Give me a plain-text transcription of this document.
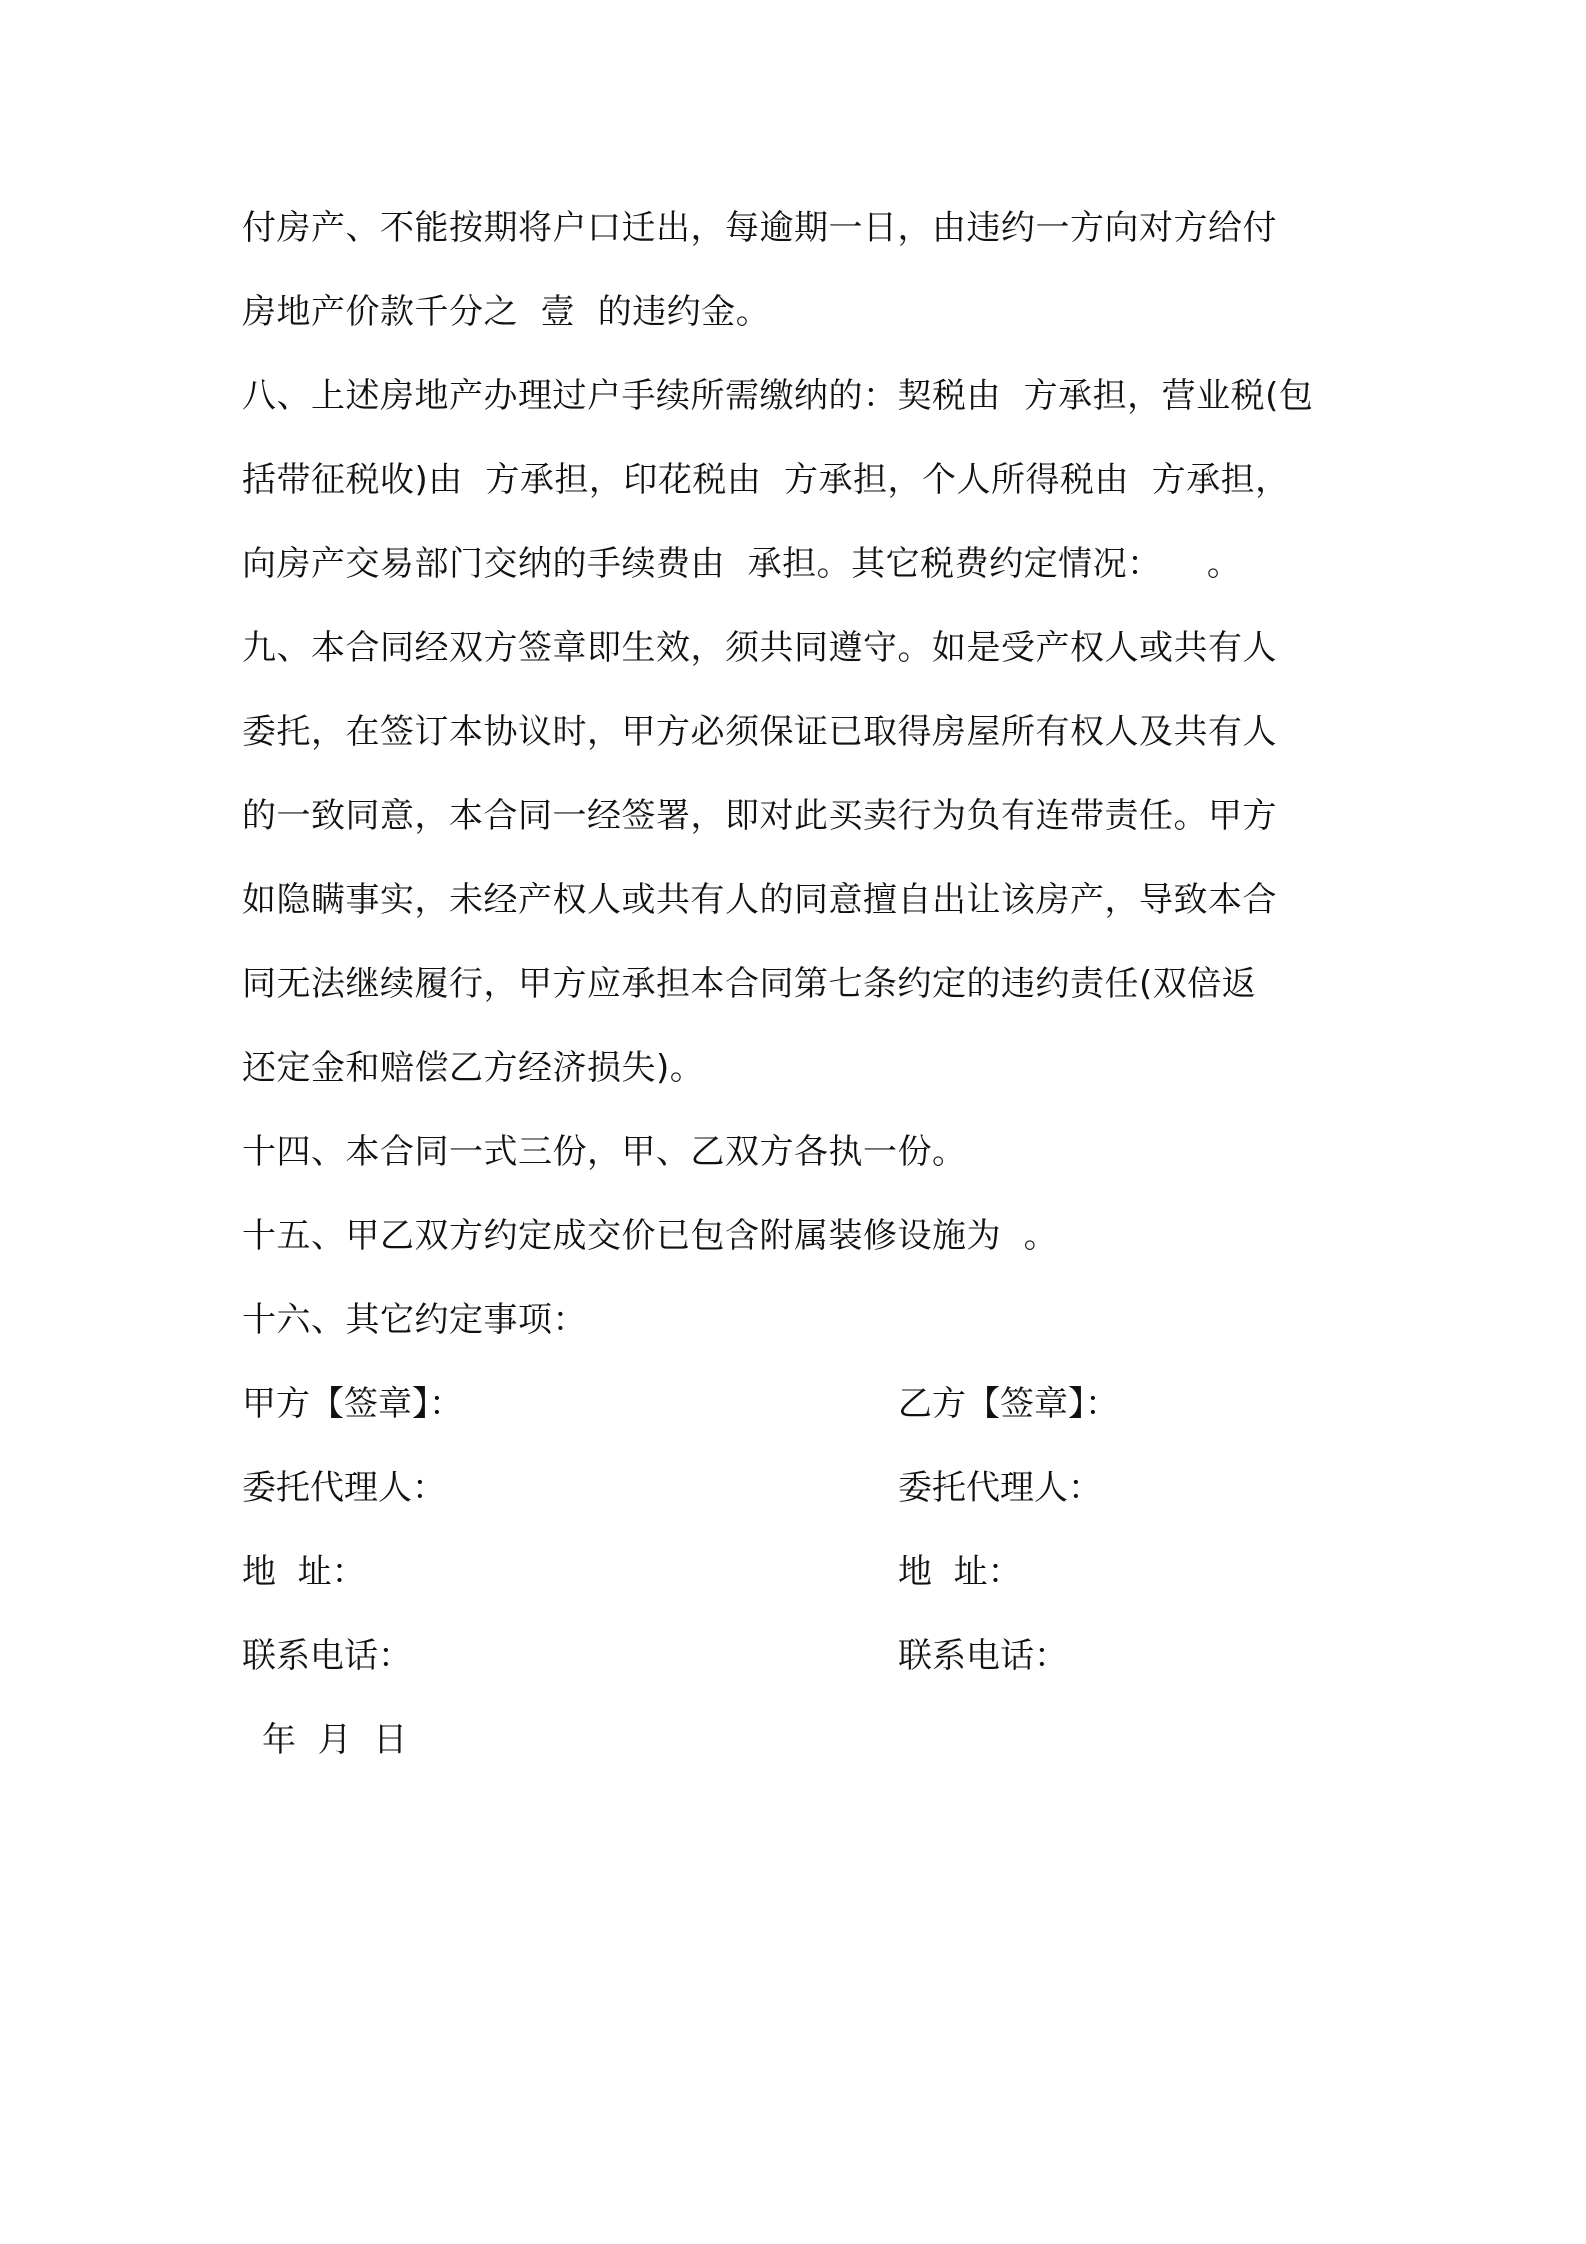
付房产、不能按期将户口迁出，每逾期一日，由违约一方向对方给付
房地产价款千分之  壹  的违约金。
八、上述房地产办理过户手续所需缴纳的：契税由  方承担，营业税(包
括带征税收)由  方承担，印花税由  方承担，个人所得税由  方承担，
向房产交易部门交纳的手续费由  承担。其它税费约定情况：    。
九、本合同经双方签章即生效，须共同遵守。如是受产权人或共有人
委托，在签订本协议时，甲方必须保证已取得房屋所有权人及共有人
的一致同意，本合同一经签署，即对此买卖行为负有连带责任。甲方
如隐瞒事实，未经产权人或共有人的同意擅自出让该房产，导致本合
同无法继续履行，甲方应承担本合同第七条约定的违约责任(双倍返
还定金和赔偿乙方经济损失)。
十四、本合同一式三份，甲、乙双方各执一份。
十五、甲乙双方约定成交价已包含附属装修设施为  。
十六、其它约定事项：
甲方【签章】：
委托代理人：
地  址：
联系电话：
乙方【签章】：
委托代理人：
地  址：
联系电话：
年  月  日
